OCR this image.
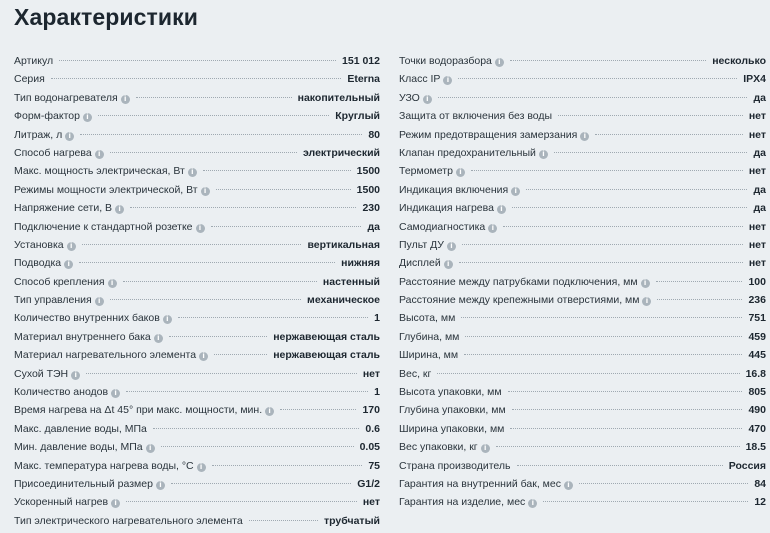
Характеристики
Артикул	151 012
Серия	Eterna
Тип водонагревателя i	накопительный
Форм-фактор i	Круглый
Литраж, л i	80
Способ нагрева i	электрический
Макс. мощность электрическая, Вт i	1500
Режимы мощности электрической, Вт i	1500
Напряжение сети, В i	230
Подключение к стандартной розетке i	да
Установка i	вертикальная
Подводка i	нижняя
Способ крепления i	настенный
Тип управления i	механическое
Количество внутренних баков i	1
Материал внутреннего бака i	нержавеющая сталь
Материал нагревательного элемента i	нержавеющая сталь
Сухой ТЭН i	нет
Количество анодов i	1
Время нагрева на Δt 45° при макс. мощности, мин. i	170
Макс. давление воды, МПа	0.6
Мин. давление воды, МПа i	0.05
Макс. температура нагрева воды, °С i	75
Присоединительный размер i	G1/2
Ускоренный нагрев i	нет
Тип электрического нагревательного элемента	трубчатый
Точки водоразбора i	несколько
Класс IP i	IPX4
УЗО i	да
Защита от включения без воды	нет
Режим предотвращения замерзания i	нет
Клапан предохранительный i	да
Термометр i	нет
Индикация включения i	да
Индикация нагрева i	да
Самодиагностика i	нет
Пульт ДУ i	нет
Дисплей i	нет
Расстояние между патрубками подключения, мм i	100
Расстояние между крепежными отверстиями, мм i	236
Высота, мм	751
Глубина, мм	459
Ширина, мм	445
Вес, кг	16.8
Высота упаковки, мм	805
Глубина упаковки, мм	490
Ширина упаковки, мм	470
Вес упаковки, кг i	18.5
Страна производитель	Россия
Гарантия на внутренний бак, мес i	84
Гарантия на изделие, мес i	12
